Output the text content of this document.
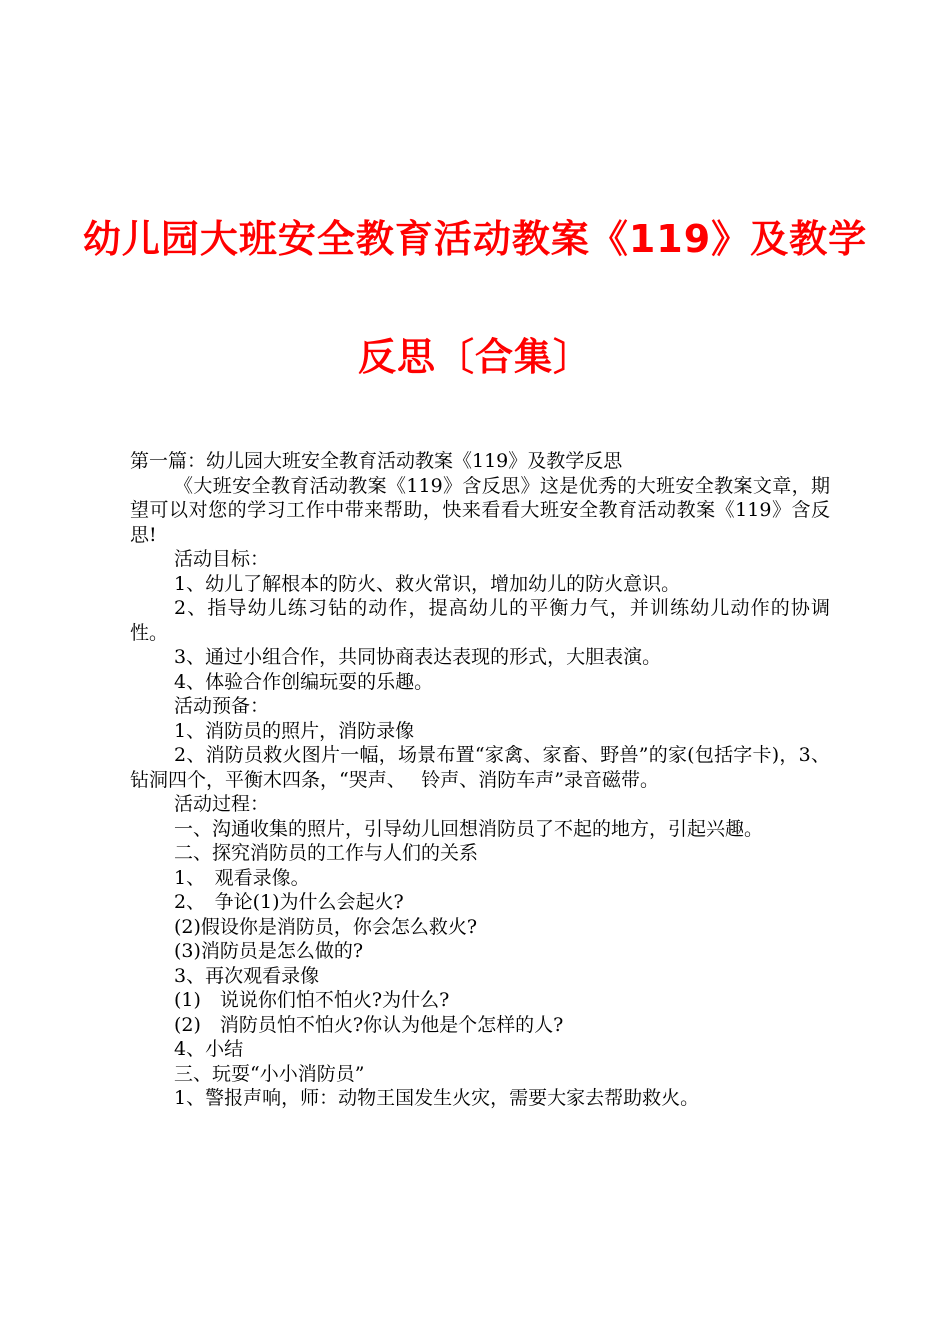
幼儿园大班安全教育活动教案《119》及教学
反思〔合集〕

第一篇：幼儿园大班安全教育活动教案《119》及教学反思

《大班安全教育活动教案《119》含反思》这是优秀的大班安全教案文章，期望可以对您的学习工作中带来帮助，快来看看大班安全教育活动教案《119》含反思!

活动目标：

1、幼儿了解根本的防火、救火常识，增加幼儿的防火意识。

2、指导幼儿练习钻的动作，提高幼儿的平衡力气，并训练幼儿动作的协调性。

3、通过小组合作，共同协商表达表现的形式，大胆表演。

4、体验合作创编玩耍的乐趣。

活动预备：

1、消防员的照片，消防录像

2、消防员救火图片一幅，场景布置“家禽、家畜、野兽”的家(包括字卡)，3、钻洞四个，平衡木四条，“哭声、　 铃声、消防车声”录音磁带。

活动过程：

一、沟通收集的照片，引导幼儿回想消防员了不起的地方，引起兴趣。

二、探究消防员的工作与人们的关系

1、　观看录像。

2、　争论(1)为什么会起火?

(2)假设你是消防员，你会怎么救火?

(3)消防员是怎么做的?

3、再次观看录像

(1)　说说你们怕不怕火?为什么?

(2)　消防员怕不怕火?你认为他是个怎样的人?

4、小结

三、玩耍“小小消防员”

1、警报声响，师：动物王国发生火灾，需要大家去帮助救火。
